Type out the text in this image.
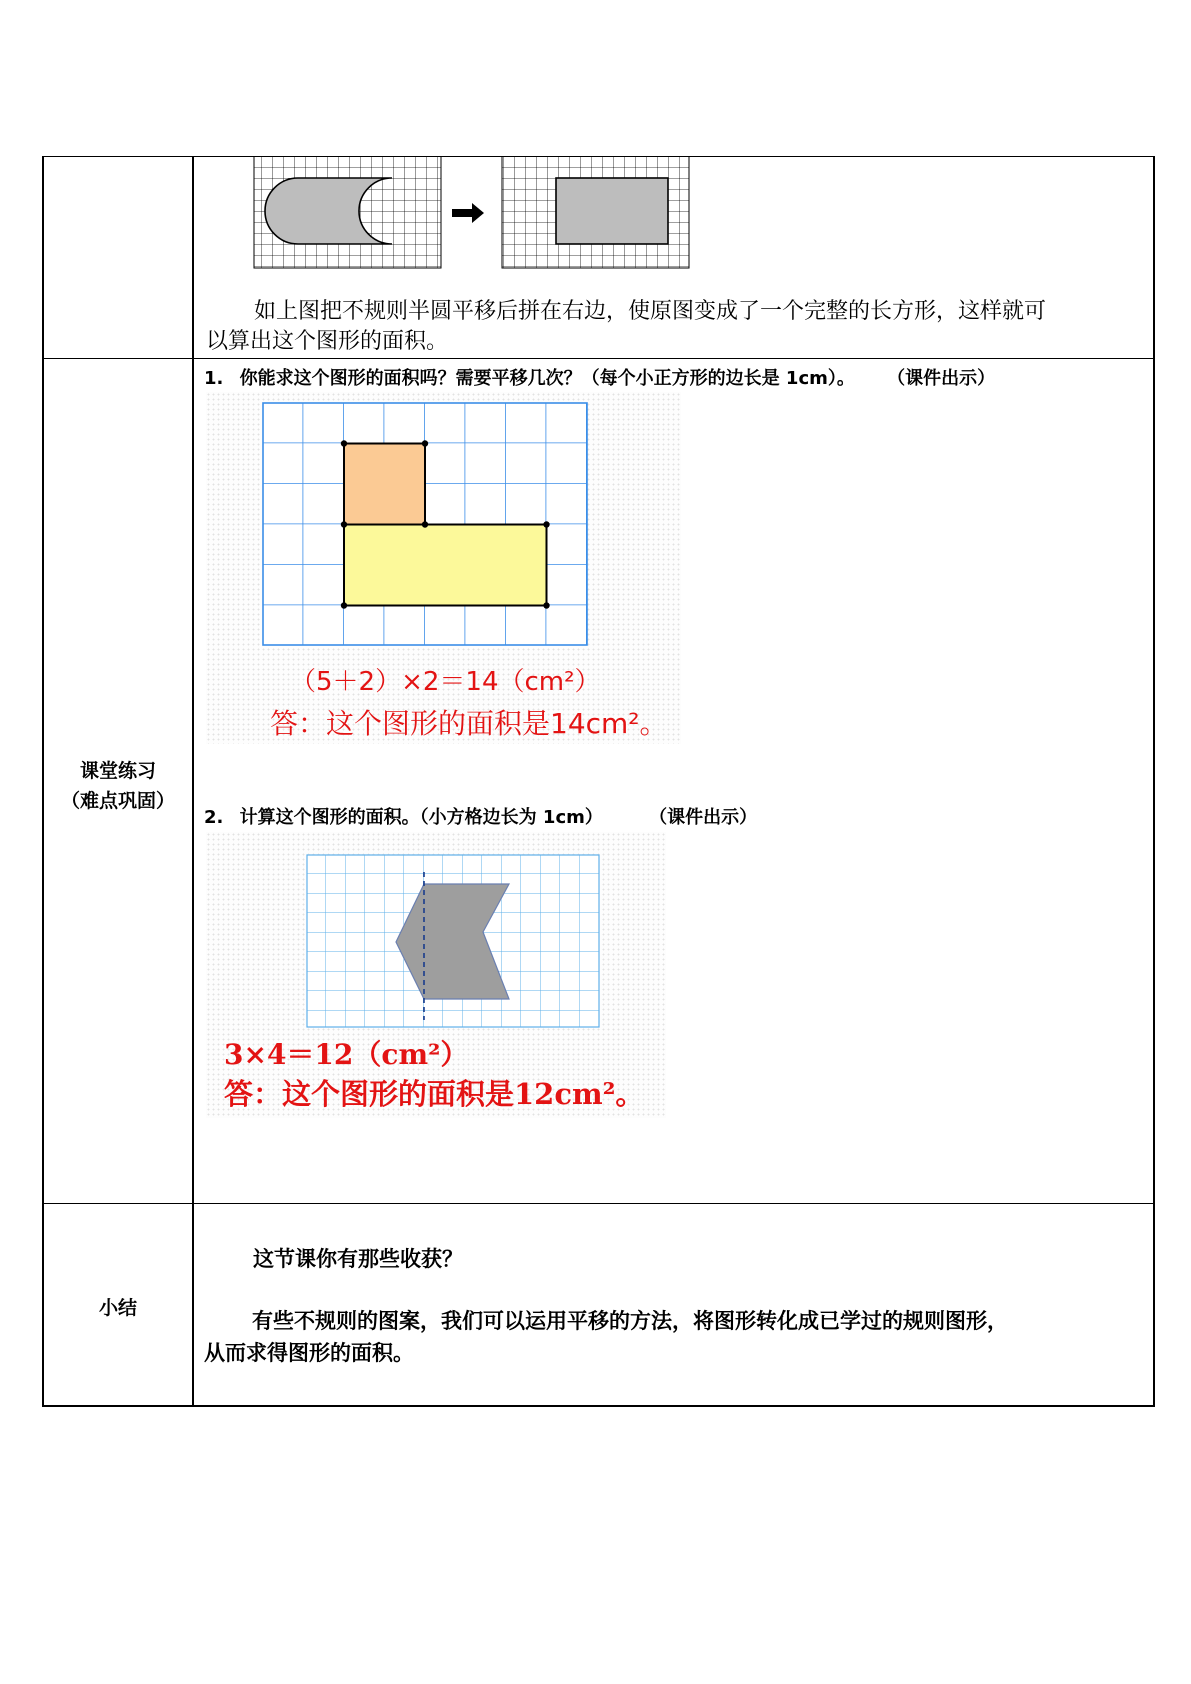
如上图把不规则半圆平移后拼在右边，使原图变成了一个完整的长方形，这样就可
以算出这个图形的面积。
课堂练习
（难点巩固）
1. 你能求这个图形的面积吗？需要平移几次？（每个小正方形的边长是 1cm）。 （课件出示）
（5＋2）×2＝14（cm²）
答：这个图形的面积是14cm²。
2. 计算这个图形的面积。（小方格边长为 1cm）	（课件出示）
3×4＝12（cm²）
答：这个图形的面积是12cm²。
小结
这节课你有那些收获？
有些不规则的图案，我们可以运用平移的方法，将图形转化成已学过的规则图形，
从而求得图形的面积。
